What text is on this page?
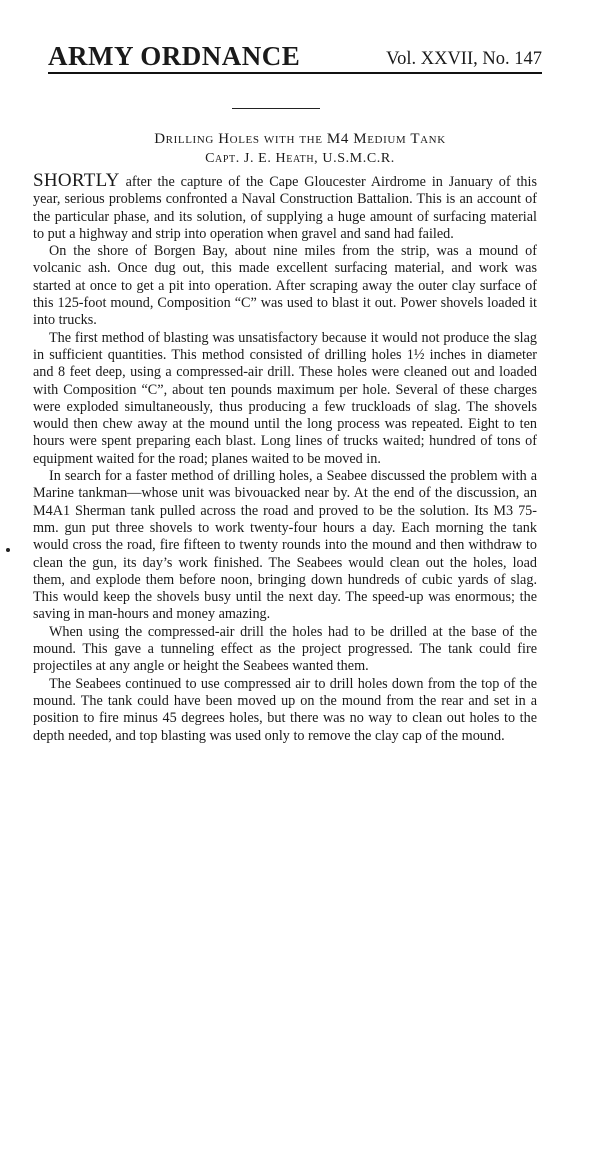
ARMY ORDNANCE	Vol. XXVII, No. 147
Drilling Holes with the M4 Medium Tank
Capt. J. E. Heath, U.S.M.C.R.

SHORTLY after the capture of the Cape Gloucester Airdrome in January of this year, serious problems confronted a Naval Construction Battalion. This is an account of the particular phase, and its solution, of supplying a huge amount of surfacing material to put a highway and strip into operation when gravel and sand had failed.

On the shore of Borgen Bay, about nine miles from the strip, was a mound of volcanic ash. Once dug out, this made excellent surfacing material, and work was started at once to get a pit into operation. After scraping away the outer clay surface of this 125-foot mound, Composition “C” was used to blast it out. Power shovels loaded it into trucks.

The first method of blasting was unsatisfactory because it would not produce the slag in sufficient quantities. This method consisted of drilling holes 1½ inches in diameter and 8 feet deep, using a compressed-air drill. These holes were cleaned out and loaded with Composition “C”, about ten pounds maximum per hole. Several of these charges were exploded simultaneously, thus producing a few truckloads of slag. The shovels would then chew away at the mound until the long process was repeated. Eight to ten hours were spent preparing each blast. Long lines of trucks waited; hundred of tons of equipment waited for the road; planes waited to be moved in.

In search for a faster method of drilling holes, a Seabee discussed the problem with a Marine tankman—whose unit was bivouacked near by. At the end of the discussion, an M4A1 Sherman tank pulled across the road and proved to be the solution. Its M3 75-mm. gun put three shovels to work twenty-four hours a day. Each morning the tank would cross the road, fire fifteen to twenty rounds into the mound and then withdraw to clean the gun, its day’s work finished. The Seabees would clean out the holes, load them, and explode them before noon, bringing down hundreds of cubic yards of slag. This would keep the shovels busy until the next day. The speed-up was enormous; the saving in man-hours and money amazing.

When using the compressed-air drill the holes had to be drilled at the base of the mound. This gave a tunneling effect as the project progressed. The tank could fire projectiles at any angle or height the Seabees wanted them.

The Seabees continued to use compressed air to drill holes down from the top of the mound. The tank could have been moved up on the mound from the rear and set in a position to fire minus 45 degrees holes, but there was no way to clean out holes to the depth needed, and top blasting was used only to remove the clay cap of the mound.
